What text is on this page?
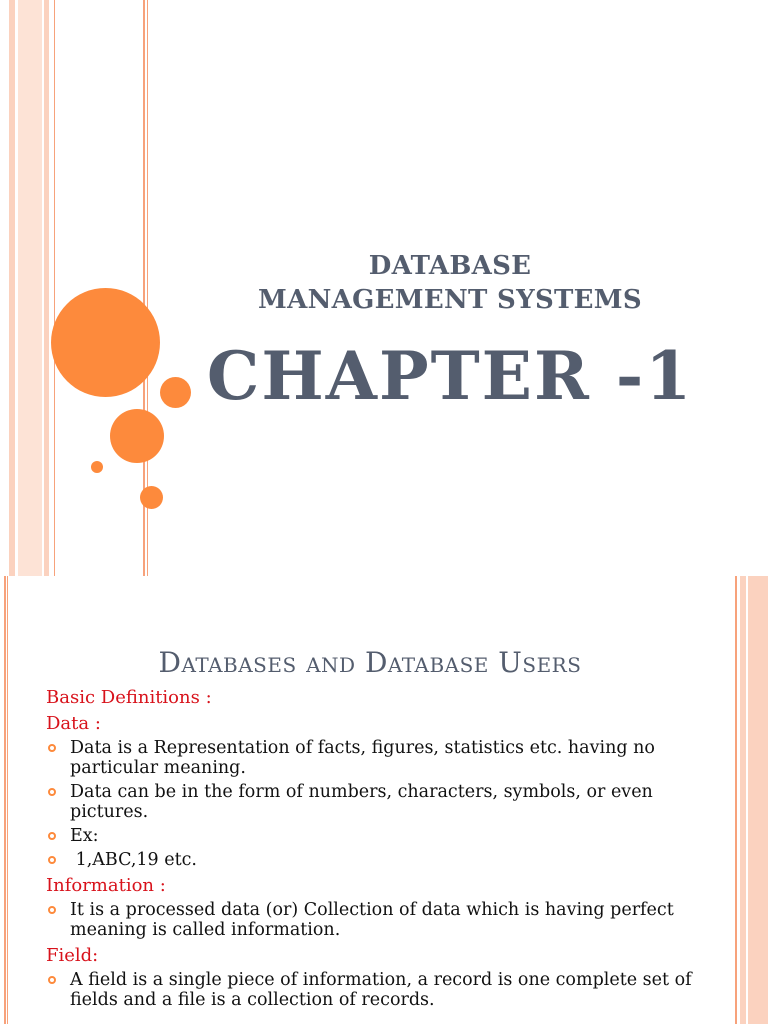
DATABASE
MANAGEMENT SYSTEMS
CHAPTER -1
Databases and Database Users
Basic Definitions :
Data :
Data is a Representation of facts, figures, statistics etc. having no particular meaning.
Data can be in the form of numbers, characters, symbols, or even pictures.
Ex:
1,ABC,19 etc.
Information :
It is a processed data (or) Collection of data which is having perfect meaning is called information.
Field:
A field is a single piece of information, a record is one complete set of fields and a file is a collection of records.
